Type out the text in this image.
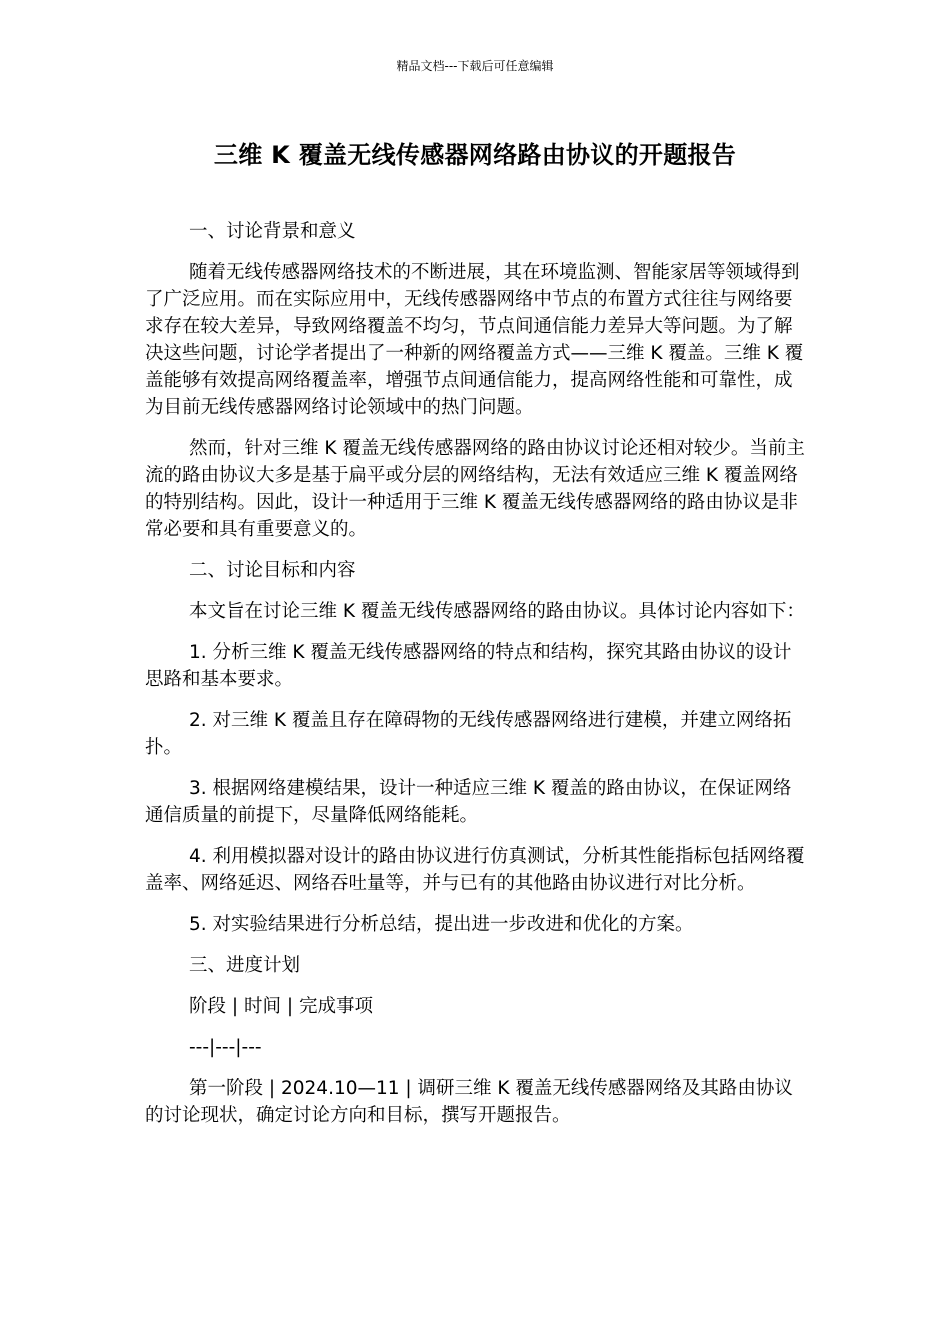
精品文档---下载后可任意编辑
三维 K 覆盖无线传感器网络路由协议的开题报告

一、讨论背景和意义

随着无线传感器网络技术的不断进展，其在环境监测、智能家居等领域得到了广泛应用。而在实际应用中，无线传感器网络中节点的布置方式往往与网络要求存在较大差异，导致网络覆盖不均匀，节点间通信能力差异大等问题。为了解决这些问题，讨论学者提出了一种新的网络覆盖方式——三维 K 覆盖。三维 K 覆盖能够有效提高网络覆盖率，增强节点间通信能力，提高网络性能和可靠性，成为目前无线传感器网络讨论领域中的热门问题。

然而，针对三维 K 覆盖无线传感器网络的路由协议讨论还相对较少。当前主流的路由协议大多是基于扁平或分层的网络结构，无法有效适应三维 K 覆盖网络的特别结构。因此，设计一种适用于三维 K 覆盖无线传感器网络的路由协议是非常必要和具有重要意义的。

二、讨论目标和内容

本文旨在讨论三维 K 覆盖无线传感器网络的路由协议。具体讨论内容如下：

1. 分析三维 K 覆盖无线传感器网络的特点和结构，探究其路由协议的设计思路和基本要求。

2. 对三维 K 覆盖且存在障碍物的无线传感器网络进行建模，并建立网络拓扑。

3. 根据网络建模结果，设计一种适应三维 K 覆盖的路由协议，在保证网络通信质量的前提下，尽量降低网络能耗。

4. 利用模拟器对设计的路由协议进行仿真测试，分析其性能指标包括网络覆盖率、网络延迟、网络吞吐量等，并与已有的其他路由协议进行对比分析。

5. 对实验结果进行分析总结，提出进一步改进和优化的方案。

三、进度计划

阶段 | 时间 | 完成事项

---|---|---

第一阶段 | 2024.10—11 | 调研三维 K 覆盖无线传感器网络及其路由协议的讨论现状，确定讨论方向和目标，撰写开题报告。
